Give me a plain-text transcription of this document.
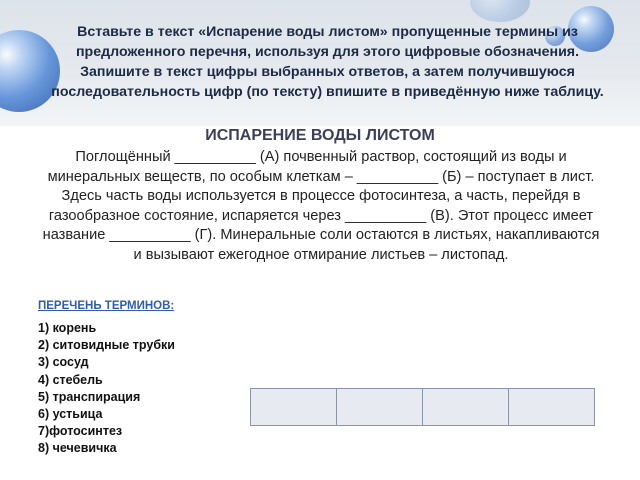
Вставьте в текст «Испарение воды листом» пропущенные термины из предложенного перечня, используя для этого цифровые обозначения. Запишите в текст цифры выбранных ответов, а затем получившуюся последовательность цифр (по тексту) впишите в приведённую ниже таблицу.

ИСПАРЕНИЕ ВОДЫ ЛИСТОМ

Поглощённый __________ (А) почвенный раствор, состоящий из воды и минеральных веществ, по особым клеткам – __________ (Б) – поступает в лист. Здесь часть воды используется в процессе фотосинтеза, а часть, перейдя в газообразное состояние, испаряется через __________ (В). Этот процесс имеет название __________ (Г). Минеральные соли остаются в листьях, накапливаются и вызывают ежегодное отмирание листьев – листопад.

ПЕРЕЧЕНЬ ТЕРМИНОВ:

1) корень
2) ситовидные трубки
3) сосуд
4) стебель
5) транспирация
6) устьица
7)фотосинтез
8) чечевичка
